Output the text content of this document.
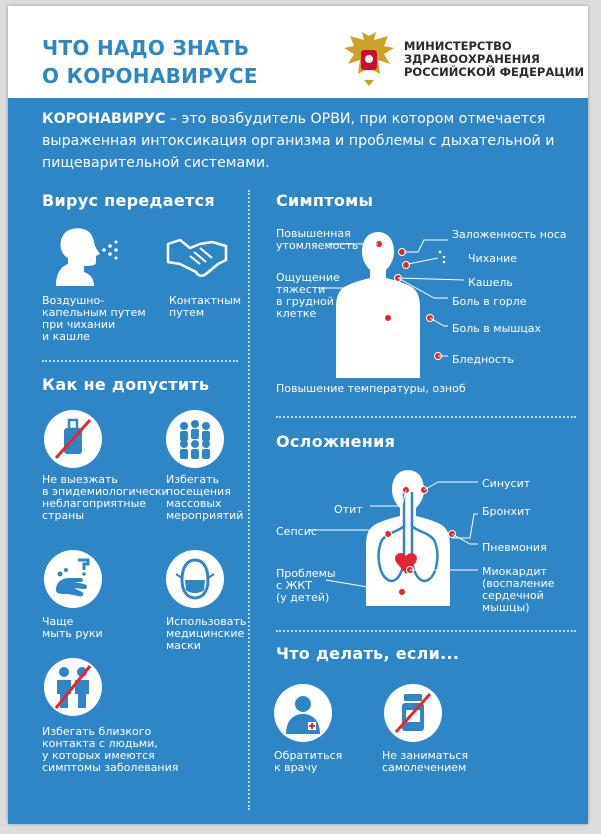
ЧТО НАДО ЗНАТЬ
О КОРОНАВИРУСЕ
МИНИСТЕРСТВО
ЗДРАВООХРАНЕНИЯ
РОССИЙСКОЙ ФЕДЕРАЦИИ
КОРОНАВИРУС – это возбудитель ОРВИ, при котором отмечается выраженная интоксикация организма и проблемы с дыхательной и пищеварительной системами.
Вирус передается
Воздушно-
капельным путем
при чихании
и кашле
Контактным
путем
Как не допустить
Не выезжать
в эпидемиологически
неблагоприятные
страны
Избегать
посещения
массовых
мероприятий
Чаще
мыть руки
Использовать
медицинские
маски
Избегать близкого
контакта с людьми,
у которых имеются
симптомы заболевания
Симптомы
Повышенная
утомляемость
Ощущение
тяжести
в грудной
клетке
Заложенность носа
Чихание
Кашель
Боль в горле
Боль в мышцах
Бледность
Повышение температуры, озноб
Осложнения
Синусит
Отит	Бронхит
Сепсис
Пневмония
Проблемы
с ЖКТ
(у детей)
Миокардит
(воспаление
сердечной
мышцы)
Что делать, если...
Обратиться
к врачу
Не заниматься
самолечением
